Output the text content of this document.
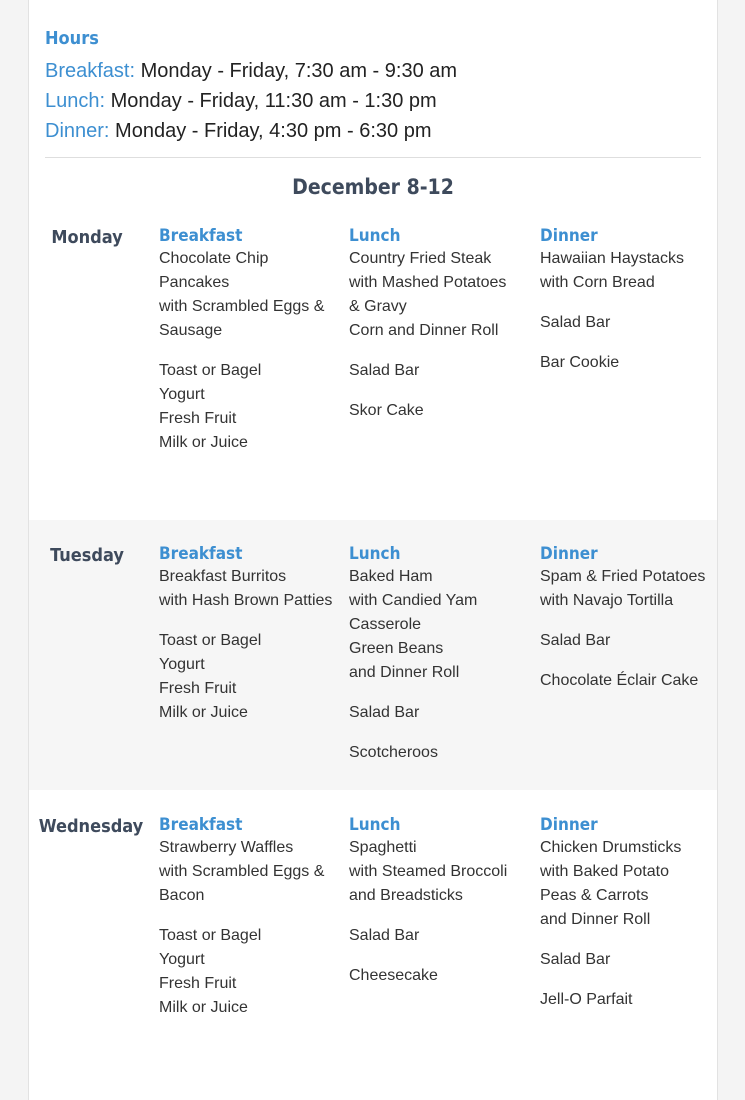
Hours
Breakfast: Monday - Friday, 7:30 am - 9:30 am
Lunch: Monday - Friday, 11:30 am - 1:30 pm
Dinner: Monday - Friday, 4:30 pm - 6:30 pm
December 8-12
Monday	Breakfast
Chocolate Chip Pancakes
with Scrambled Eggs & Sausage
Toast or Bagel
Yogurt
Fresh Fruit
Milk or Juice
Lunch
Country Fried Steak with Mashed Potatoes & Gravy
Corn and Dinner Roll
Salad Bar
Skor Cake
Dinner
Hawaiian Haystacks with Corn Bread
Salad Bar
Bar Cookie
Tuesday	Breakfast
Breakfast Burritos
with Hash Brown Patties
Toast or Bagel
Yogurt
Fresh Fruit
Milk or Juice
Lunch
Baked Ham
with Candied Yam Casserole
Green Beans
and Dinner Roll
Salad Bar
Scotcheroos
Dinner
Spam & Fried Potatoes
with Navajo Tortilla
Salad Bar
Chocolate Éclair Cake
Wednesday Breakfast
Strawberry Waffles
with Scrambled Eggs & Bacon
Toast or Bagel
Yogurt
Fresh Fruit
Milk or Juice
Lunch
Spaghetti
with Steamed Broccoli and Breadsticks
Salad Bar
Cheesecake
Dinner
Chicken Drumsticks
with Baked Potato
Peas & Carrots
and Dinner Roll
Salad Bar
Jell-O Parfait
